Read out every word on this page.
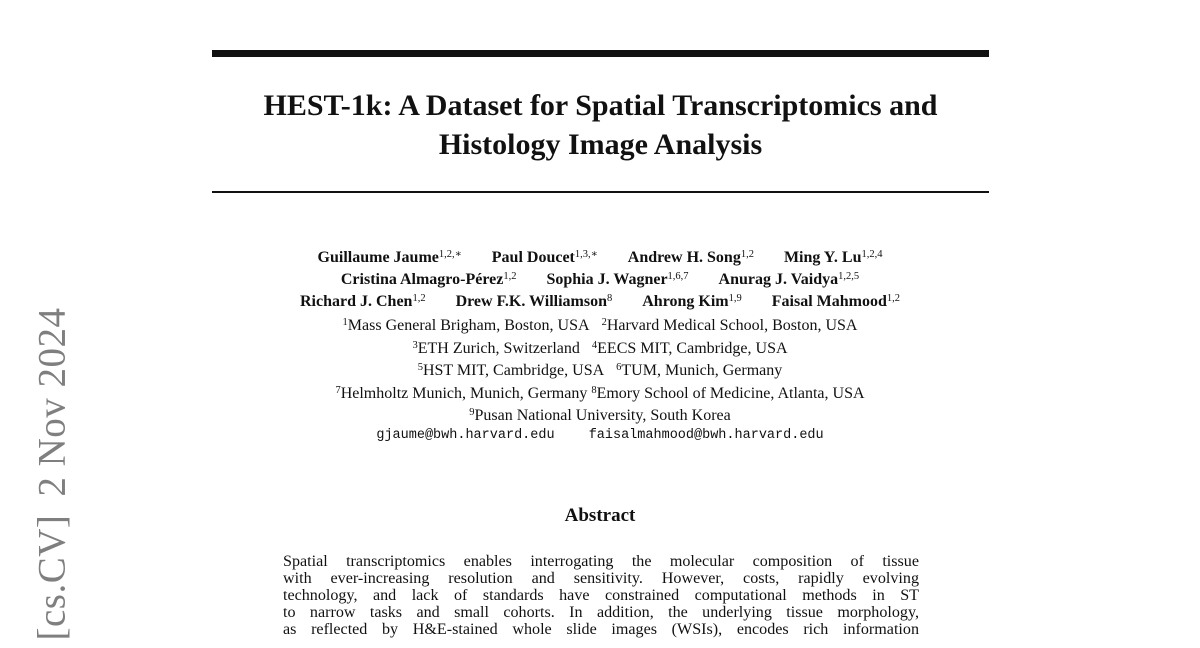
[cs.CV]2 Nov 2024
HEST-1k: A Dataset for Spatial Transcriptomics and
Histology Image Analysis
Guillaume Jaume$^{1,2,∗}$ Paul Doucet$^{1,3,∗}$ Andrew H. Song$^{1,2}$ Ming Y. Lu$^{1,2,4}$
Cristina Almagro-Pérez$^{1,2}$ Sophia J. Wagner$^{1,6,7}$ Anurag J. Vaidya$^{1,2,5}$
Richard J. Chen$^{1,2}$ Drew F.K. Williamson$^8$ Ahrong Kim$^{1,9}$ Faisal Mahmood$^{1,2}$
$^1$Mass General Brigham, Boston, USA $^2$Harvard Medical School, Boston, USA
$^3$ETH Zurich, Switzerland $^4$EECS MIT, Cambridge, USA
$^5$HST MIT, Cambridge, USA $^6$TUM, Munich, Germany
$^7$Helmholtz Munich, Munich, Germany $^8$Emory School of Medicine, Atlanta, USA
$^9$Pusan National University, South Korea
gjaume@bwh.harvard.edu	faisalmahmood@bwh.harvard.edu
Abstract
Spatial transcriptomics enables interrogating the molecular composition of tissue
with ever-increasing resolution and sensitivity. However, costs, rapidly evolving
technology, and lack of standards have constrained computational methods in ST
to narrow tasks and small cohorts. In addition, the underlying tissue morphology,
as reflected by H&E-stained whole slide images (WSIs), encodes rich information
